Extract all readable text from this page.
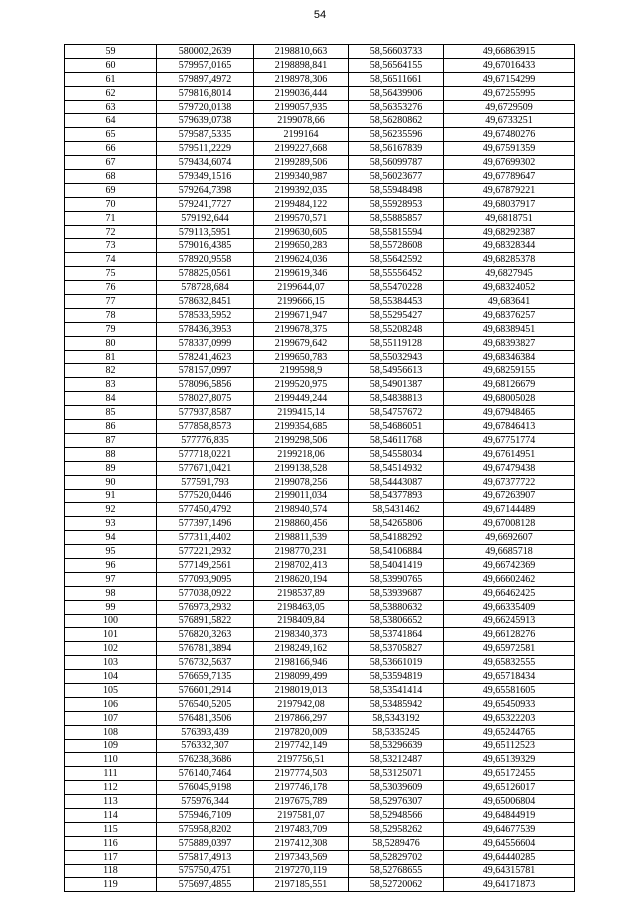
54
59	580002,2639	2198810,663	58,56603733	49,66863915
60	579957,0165	2198898,841	58,56564155	49,67016433
61	579897,4972	2198978,306	58,56511661	49,67154299
62	579816,8014	2199036,444	58,56439906	49,67255995
63	579720,0138	2199057,935	58,56353276	49,6729509
64	579639,0738	2199078,66	58,56280862	49,6733251
65	579587,5335	2199164	58,56235596	49,67480276
66	579511,2229	2199227,668	58,56167839	49,67591359
67	579434,6074	2199289,506	58,56099787	49,67699302
68	579349,1516	2199340,987	58,56023677	49,67789647
69	579264,7398	2199392,035	58,55948498	49,67879221
70	579241,7727	2199484,122	58,55928953	49,68037917
71	579192,644	2199570,571	58,55885857	49,6818751
72	579113,5951	2199630,605	58,55815594	49,68292387
73	579016,4385	2199650,283	58,55728608	49,68328344
74	578920,9558	2199624,036	58,55642592	49,68285378
75	578825,0561	2199619,346	58,55556452	49,6827945
76	578728,684	2199644,07	58,55470228	49,68324052
77	578632,8451	2199666,15	58,55384453	49,683641
78	578533,5952	2199671,947	58,55295427	49,68376257
79	578436,3953	2199678,375	58,55208248	49,68389451
80	578337,0999	2199679,642	58,55119128	49,68393827
81	578241,4623	2199650,783	58,55032943	49,68346384
82	578157,0997	2199598,9	58,54956613	49,68259155
83	578096,5856	2199520,975	58,54901387	49,68126679
84	578027,8075	2199449,244	58,54838813	49,68005028
85	577937,8587	2199415,14	58,54757672	49,67948465
86	577858,8573	2199354,685	58,54686051	49,67846413
87	577776,835	2199298,506	58,54611768	49,67751774
88	577718,0221	2199218,06	58,54558034	49,67614951
89	577671,0421	2199138,528	58,54514932	49,67479438
90	577591,793	2199078,256	58,54443087	49,67377722
91	577520,0446	2199011,034	58,54377893	49,67263907
92	577450,4792	2198940,574	58,5431462	49,67144489
93	577397,1496	2198860,456	58,54265806	49,67008128
94	577311,4402	2198811,539	58,54188292	49,6692607
95	577221,2932	2198770,231	58,54106884	49,6685718
96	577149,2561	2198702,413	58,54041419	49,66742369
97	577093,9095	2198620,194	58,53990765	49,66602462
98	577038,0922	2198537,89	58,53939687	49,66462425
99	576973,2932	2198463,05	58,53880632	49,66335409
100	576891,5822	2198409,84	58,53806652	49,66245913
101	576820,3263	2198340,373	58,53741864	49,66128276
102	576781,3894	2198249,162	58,53705827	49,65972581
103	576732,5637	2198166,946	58,53661019	49,65832555
104	576659,7135	2198099,499	58,53594819	49,65718434
105	576601,2914	2198019,013	58,53541414	49,65581605
106	576540,5205	2197942,08	58,53485942	49,65450933
107	576481,3506	2197866,297	58,5343192	49,65322203
108	576393,439	2197820,009	58,5335245	49,65244765
109	576332,307	2197742,149	58,53296639	49,65112523
110	576238,3686	2197756,51	58,53212487	49,65139329
111	576140,7464	2197774,503	58,53125071	49,65172455
112	576045,9198	2197746,178	58,53039609	49,65126017
113	575976,344	2197675,789	58,52976307	49,65006804
114	575946,7109	2197581,07	58,52948566	49,64844919
115	575958,8202	2197483,709	58,52958262	49,64677539
116	575889,0397	2197412,308	58,5289476	49,64556604
117	575817,4913	2197343,569	58,52829702	49,64440285
118	575750,4751	2197270,119	58,52768655	49,64315781
119	575697,4855	2197185,551	58,52720062	49,64171873
